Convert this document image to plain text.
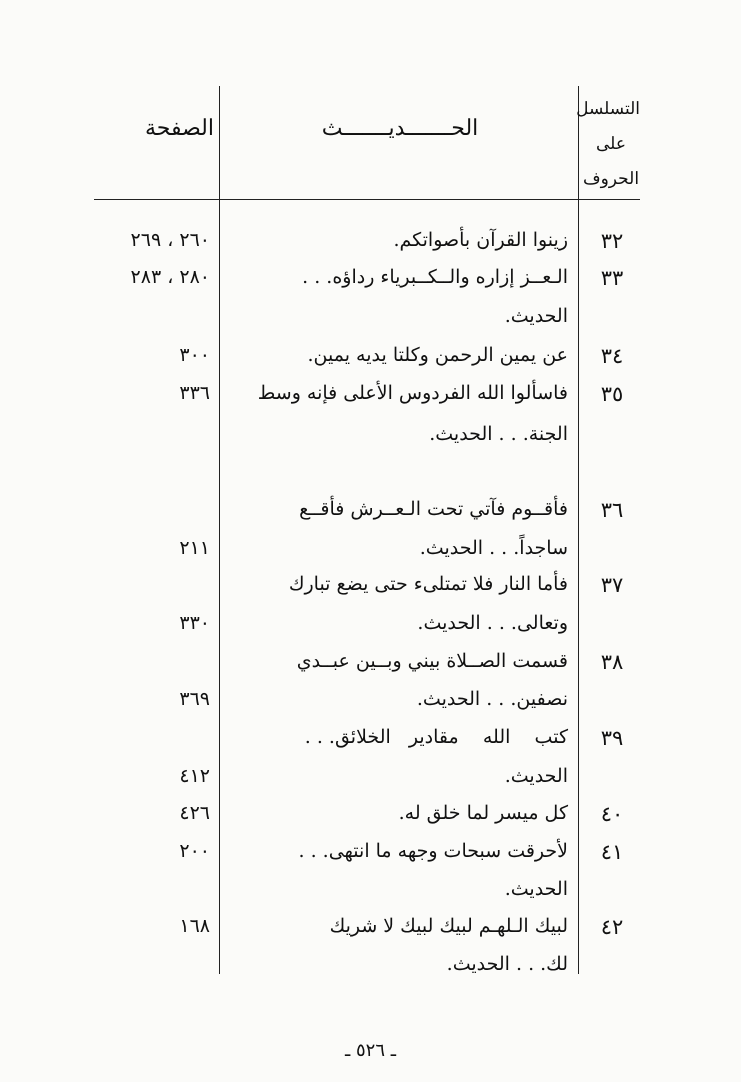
التسلسل
على
الحروف
الحـــــــديـــــــث
الصفحة
٣٢
زينوا القرآن بأصواتكم.
٢٦٠ ، ٢٦٩
٣٣
الـعــز إزاره والــكــبرياء رداؤه. . .
الحديث.
٢٨٠ ، ٢٨٣
٣٤
عن يمين الرحمن وكلتا يديه يمين.
٣٠٠
٣٥
فاسألوا الله الفردوس الأعلى فإنه وسط
الجنة. . . الحديث.
٣٣٦
٣٦
فأقــوم فآتي تحت الـعــرش فأقــع
ساجداً. . . الحديث.
٢١١
٣٧
فأما النار فلا تمتلىء حتى يضع تبارك
وتعالى. . . الحديث.
٣٣٠
٣٨
قسمت الصــلاة بيني وبــين عبــدي
نصفين. . . الحديث.
٣٦٩
٣٩
كتب    الله    مقادير   الخلائق. . .
الحديث.
٤١٢
٤٠
كل ميسر لما خلق له.
٤٢٦
٤١
لأحرقت سبحات وجهه ما انتهى. . .
الحديث.
٢٠٠
٤٢
لبيك الـلهـم لبيك لبيك لا شريك
لك. . . الحديث.
١٦٨
ـ ٥٢٦ ـ
